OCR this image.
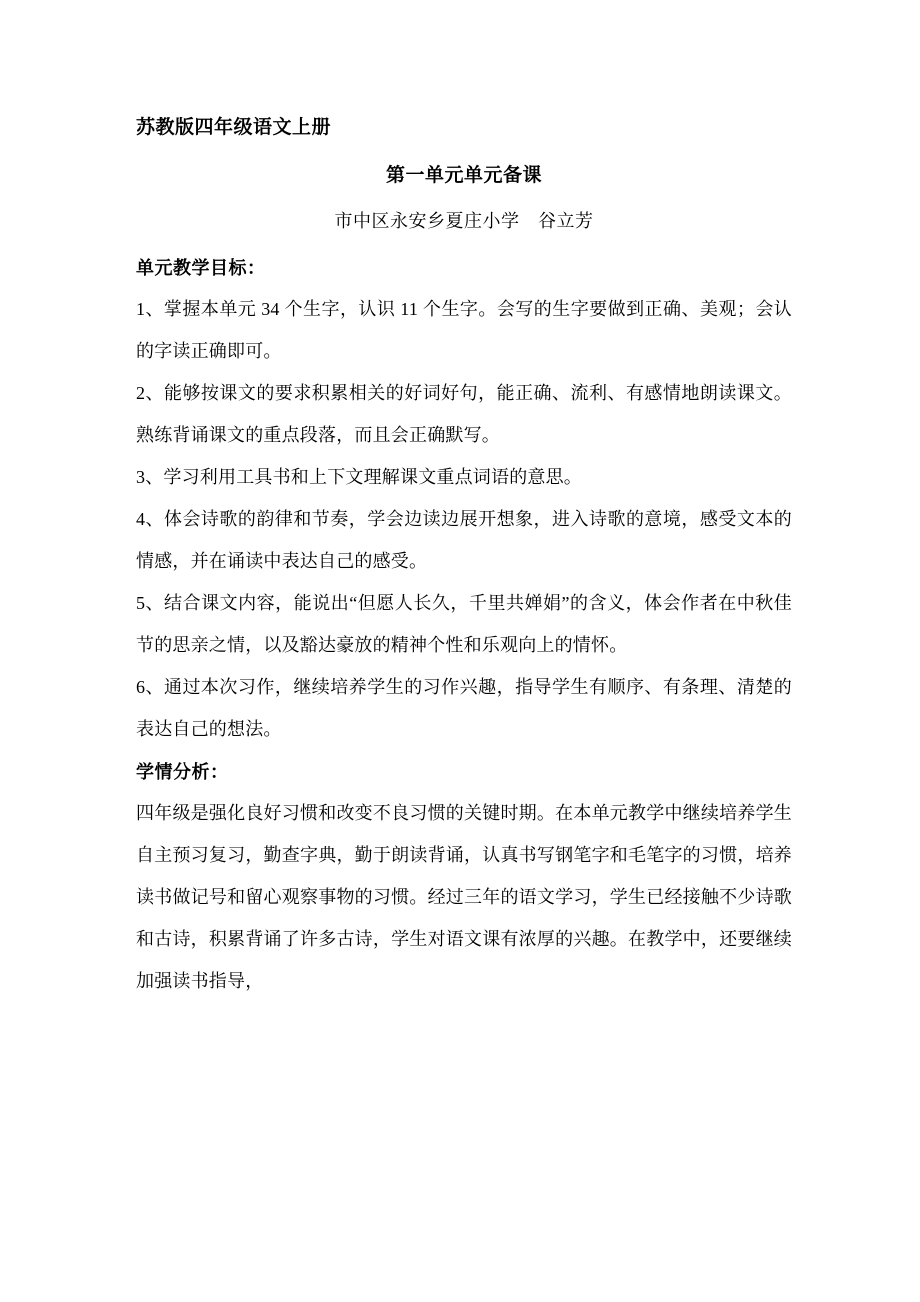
苏教版四年级语文上册
第一单元单元备课

市中区永安乡夏庄小学　谷立芳

单元教学目标：

1、掌握本单元 34 个生字，认识 11 个生字。会写的生字要做到正确、美观；会认的字读正确即可。

2、能够按课文的要求积累相关的好词好句，能正确、流利、有感情地朗读课文。熟练背诵课文的重点段落，而且会正确默写。

3、学习利用工具书和上下文理解课文重点词语的意思。

4、体会诗歌的韵律和节奏，学会边读边展开想象，进入诗歌的意境，感受文本的情感，并在诵读中表达自己的感受。

5、结合课文内容，能说出“但愿人长久，千里共婵娟”的含义，体会作者在中秋佳节的思亲之情，以及豁达豪放的精神个性和乐观向上的情怀。

6、通过本次习作，继续培养学生的习作兴趣，指导学生有顺序、有条理、清楚的表达自己的想法。

学情分析：

四年级是强化良好习惯和改变不良习惯的关键时期。在本单元教学中继续培养学生自主预习复习，勤查字典，勤于朗读背诵，认真书写钢笔字和毛笔字的习惯，培养读书做记号和留心观察事物的习惯。经过三年的语文学习，学生已经接触不少诗歌和古诗，积累背诵了许多古诗，学生对语文课有浓厚的兴趣。在教学中，还要继续加强读书指导，
